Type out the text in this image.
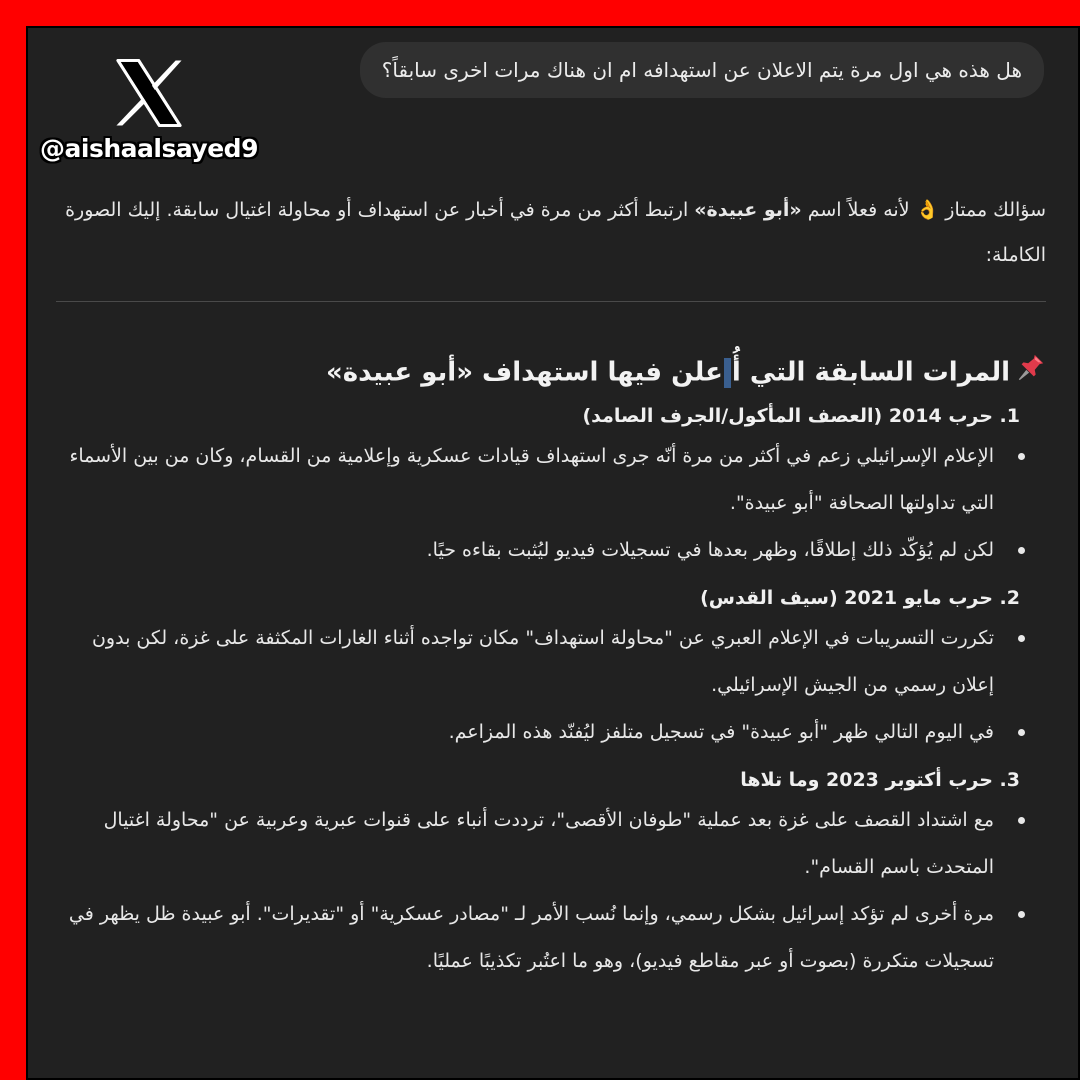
@aishaalsayed9
هل هذه هي اول مرة يتم الاعلان عن استهدافه ام ان هناك مرات اخرى سابقاً؟

سؤالك ممتاز 👌 لأنه فعلاً اسم «أبو عبيدة» ارتبط أكثر من مرة في أخبار عن استهداف أو محاولة اغتيال سابقة. إليك الصورة الكاملة:

المرات السابقة التي أُعلن فيها استهداف «أبو عبيدة»
1. حرب 2014 (العصف المأكول/الجرف الصامد)
الإعلام الإسرائيلي زعم في أكثر من مرة أنّه جرى استهداف قيادات عسكرية وإعلامية من القسام، وكان من بين الأسماء التي تداولتها الصحافة "أبو عبيدة".
لكن لم يُؤكّد ذلك إطلاقًا، وظهر بعدها في تسجيلات فيديو ليُثبت بقاءه حيًا.
2. حرب مايو 2021 (سيف القدس)
تكررت التسريبات في الإعلام العبري عن "محاولة استهداف" مكان تواجده أثناء الغارات المكثفة على غزة، لكن بدون إعلان رسمي من الجيش الإسرائيلي.
في اليوم التالي ظهر "أبو عبيدة" في تسجيل متلفز ليُفنّد هذه المزاعم.
3. حرب أكتوبر 2023 وما تلاها
مع اشتداد القصف على غزة بعد عملية "طوفان الأقصى"، ترددت أنباء على قنوات عبرية وعربية عن "محاولة اغتيال المتحدث باسم القسام".
مرة أخرى لم تؤكد إسرائيل بشكل رسمي، وإنما نُسب الأمر لـ "مصادر عسكرية" أو "تقديرات". أبو عبيدة ظل يظهر في تسجيلات متكررة (بصوت أو عبر مقاطع فيديو)، وهو ما اعتُبر تكذيبًا عمليًا.
